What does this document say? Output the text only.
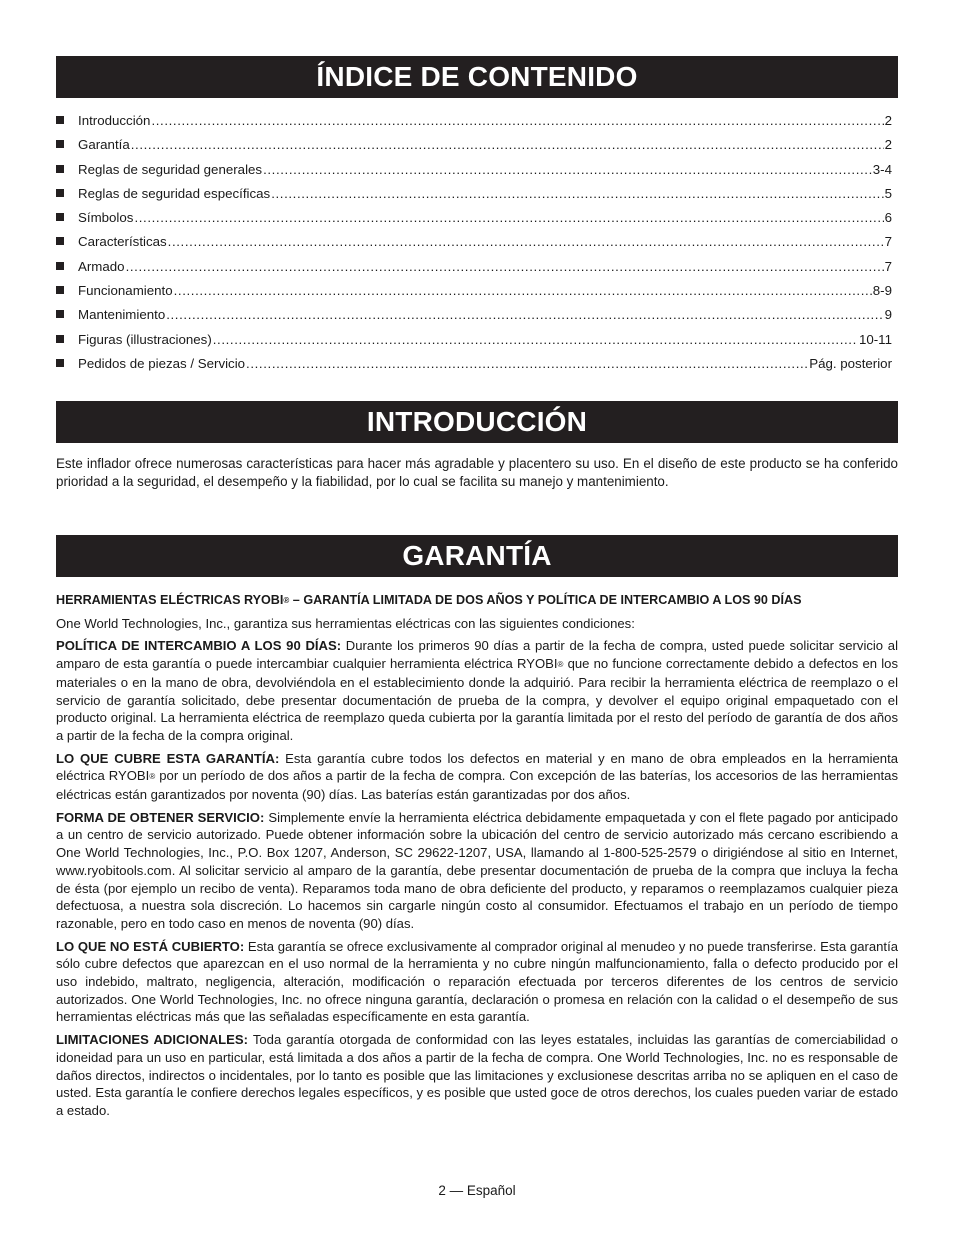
ÍNDICE DE CONTENIDO
Introducción .....	2
Garantía .....	2
Reglas de seguridad generales .....	3-4
Reglas de seguridad específicas .....	5
Símbolos .....	6
Características .....	7
Armado .....	7
Funcionamiento .....	8-9
Mantenimiento .....	9
Figuras (illustraciones) .....	10-11
Pedidos de piezas / Servicio .....	Pág. posterior
INTRODUCCIÓN

Este inflador ofrece numerosas características para hacer más agradable y placentero su uso. En el diseño de este producto se ha conferido prioridad a la seguridad, el desempeño y la fiabilidad, por lo cual se facilita su manejo y mantenimiento.

GARANTÍA

HERRAMIENTAS ELÉCTRICAS RYOBI® – GARANTÍA LIMITADA DE DOS AÑOS Y POLÍTICA DE INTERCAMBIO A LOS 90 DÍAS

One World Technologies, Inc., garantiza sus herramientas eléctricas con las siguientes condiciones:

POLÍTICA DE INTERCAMBIO A LOS 90 DÍAS: Durante los primeros 90 días a partir de la fecha de compra, usted puede solicitar servicio al amparo de esta garantía o puede intercambiar cualquier herramienta eléctrica RYOBI® que no funcione correctamente debido a defectos en los materiales o en la mano de obra, devolviéndola en el establecimiento donde la adquirió. Para recibir la herramienta eléctrica de reemplazo o el servicio de garantía solicitado, debe presentar documentación de prueba de la compra, y devolver el equipo original empaquetado con el producto original. La herramienta eléctrica de reemplazo queda cubierta por la garantía limitada por el resto del período de garantía de dos años a partir de la fecha de la compra original.

LO QUE CUBRE ESTA GARANTÍA: Esta garantía cubre todos los defectos en material y en mano de obra empleados en la herramienta eléctrica RYOBI® por un período de dos años a partir de la fecha de compra. Con excepción de las baterías, los accesorios de las herramientas eléctricas están garantizados por noventa (90) días. Las baterías están garantizadas por dos años.

FORMA DE OBTENER SERVICIO: Simplemente envíe la herramienta eléctrica debidamente empaquetada y con el flete pagado por anticipado a un centro de servicio autorizado. Puede obtener información sobre la ubicación del centro de servicio autorizado más cercano escribiendo a One World Technologies, Inc., P.O. Box 1207, Anderson, SC 29622-1207, USA, llamando al 1-800-525-2579 o dirigiéndose al sitio en Internet, www.ryobitools.com. Al solicitar servicio al amparo de la garantía, debe presentar documentación de prueba de la compra que incluya la fecha de ésta (por ejemplo un recibo de venta). Reparamos toda mano de obra deficiente del producto, y reparamos o reemplazamos cualquier pieza defectuosa, a nuestra sola discreción. Lo hacemos sin cargarle ningún costo al consumidor. Efectuamos el trabajo en un período de tiempo razonable, pero en todo caso en menos de noventa (90) días.

LO QUE NO ESTÁ CUBIERTO: Esta garantía se ofrece exclusivamente al comprador original al menudeo y no puede transferirse. Esta garantía sólo cubre defectos que aparezcan en el uso normal de la herramienta y no cubre ningún malfuncionamiento, falla o defecto producido por el uso indebido, maltrato, negligencia, alteración, modificación o reparación efectuada por terceros diferentes de los centros de servicio autorizados. One World Technologies, Inc. no ofrece ninguna garantía, declaración o promesa en relación con la calidad o el desempeño de sus herramientas eléctricas más que las señaladas específicamente en esta garantía.

LIMITACIONES ADICIONALES: Toda garantía otorgada de conformidad con las leyes estatales, incluidas las garantías de comerciabilidad o idoneidad para un uso en particular, está limitada a dos años a partir de la fecha de compra. One World Technologies, Inc. no es responsable de daños directos, indirectos o incidentales, por lo tanto es posible que las limitaciones y exclusionese descritas arriba no se apliquen en el caso de usted. Esta garantía le confiere derechos legales específicos, y es posible que usted goce de otros derechos, los cuales pueden variar de estado a estado.

2 — Español
